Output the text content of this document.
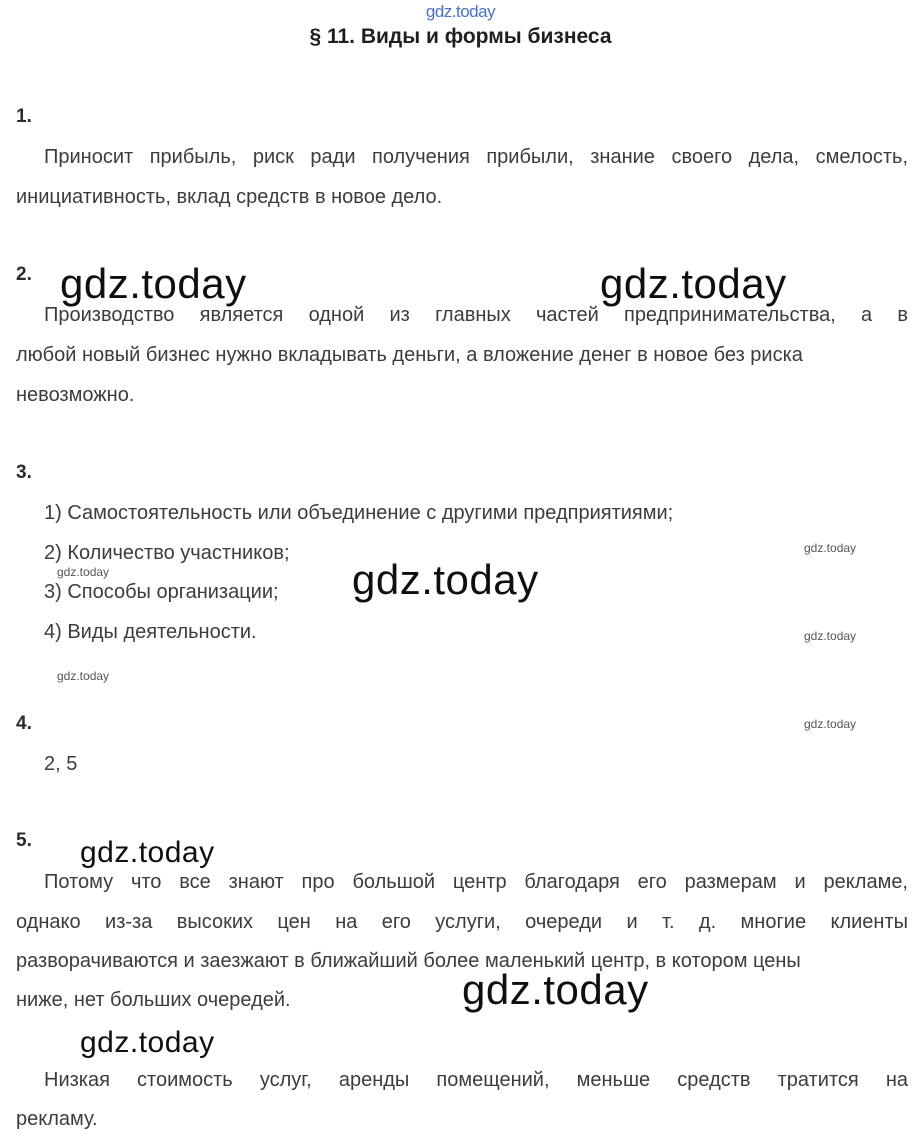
gdz.today
§ 11. Виды и формы бизнеса
1.
Приносит прибыль, риск ради получения прибыли, знание своего дела, смелость,
инициативность, вклад средств в новое дело.
2.
Производство является одной из главных частей предпринимательства, а в
любой новый бизнес нужно вкладывать деньги, а вложение денег в новое без риска
невозможно.
3.
1) Самостоятельность или объединение с другими предприятиями;
2) Количество участников;
3) Способы организации;
4) Виды деятельности.
4.
2, 5
5.
Потому что все знают про большой центр благодаря его размерам и рекламе,
однако из-за высоких цен на его услуги, очереди и т. д. многие клиенты
разворачиваются и заезжают в ближайший более маленький центр, в котором цены
ниже, нет больших очередей.
Низкая стоимость услуг, аренды помещений, меньше средств тратится на
рекламу.
gdz.today	gdz.today
gdz.today
gdz.today
gdz.today
gdz.today
gdz.today
gdz.today
gdz.today
gdz.today
gdz.today
